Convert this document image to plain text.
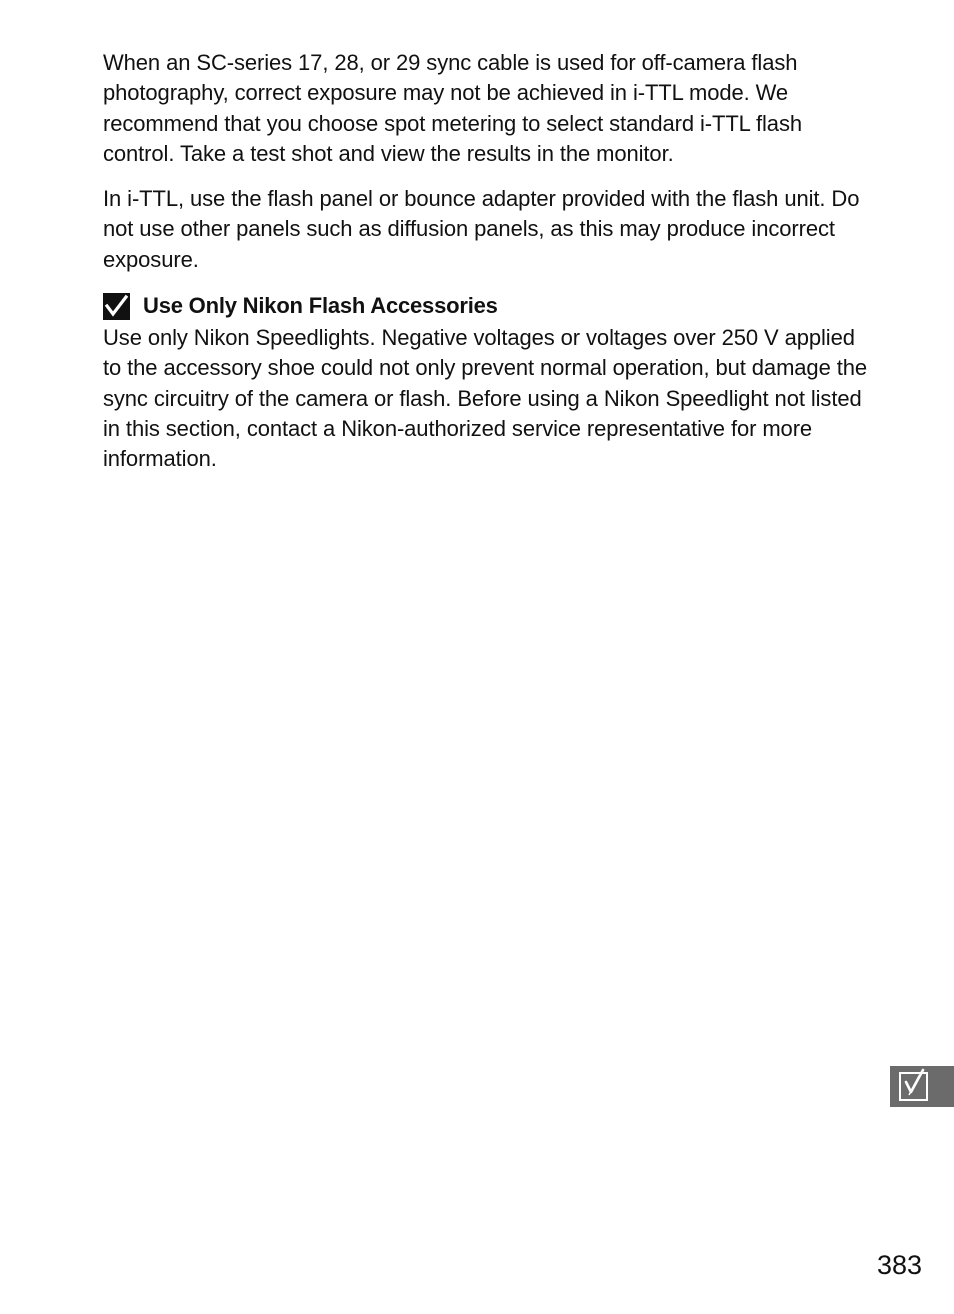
When an SC-series 17, 28, or 29 sync cable is used for off-camera flash photography, correct exposure may not be achieved in i-TTL mode. We recommend that you choose spot metering to select standard i-TTL flash control. Take a test shot and view the results in the monitor.

In i-TTL, use the flash panel or bounce adapter provided with the flash unit. Do not use other panels such as diffusion panels, as this may produce incorrect exposure.

Use Only Nikon Flash Accessories

Use only Nikon Speedlights. Negative voltages or voltages over 250 V applied to the accessory shoe could not only prevent normal operation, but damage the sync circuitry of the camera or flash. Before using a Nikon Speedlight not listed in this section, contact a Nikon-authorized service representative for more information.

383
